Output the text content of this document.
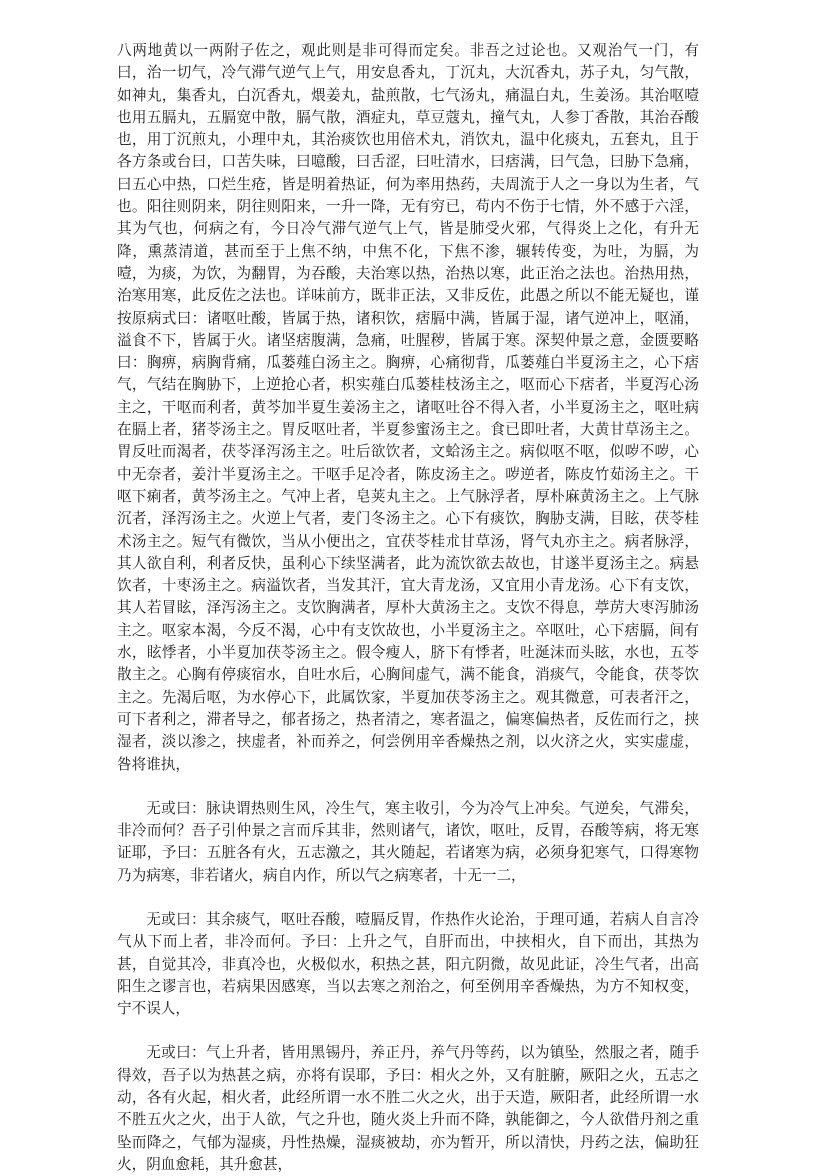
八两地黄以一两附子佐之，观此则是非可得而定矣。非吾之过论也。又观治气一门，有曰，治一切气，冷气滞气逆气上气，用安息香丸，丁沉丸，大沉香丸，苏子丸，匀气散，如神丸，集香丸，白沉香丸，煨姜丸，盐煎散，七气汤丸，痛温白丸，生姜汤。其治呕噎也用五膈丸，五膈宽中散，膈气散，酒症丸，草豆蔻丸，撞气丸，人参丁香散，其治吞酸也，用丁沉煎丸，小理中丸，其治痰饮也用倍术丸，消饮丸，温中化痰丸，五套丸，且于各方条或台曰，口苦失味，曰噫酸，曰舌涩，曰吐清水，曰痞满，曰气急，曰胁下急痛，曰五心中热，口烂生疮，皆是明着热证，何为率用热药，夫周流于人之一身以为生者，气也。阳往则阴来，阴往则阳来，一升一降，无有穷已，苟内不伤于七情，外不感于六淫，其为气也，何病之有，今日冷气滞气逆气上气，皆是肺受火邪，气得炎上之化，有升无降，熏蒸清道，甚而至于上焦不纳，中焦不化，下焦不渗，辗转传变，为吐，为膈，为噎，为痰，为饮，为翻胃，为吞酸，夫治寒以热，治热以寒，此正治之法也。治热用热，治寒用寒，此反佐之法也。详味前方，既非正法，又非反佐，此愚之所以不能无疑也，谨按原病式曰：诸呕吐酸，皆属于热，诸积饮，痞膈中满，皆属于湿，诸气逆冲上，呕涌，溢食不下，皆属于火。诸坚痞腹满，急痛，吐腥秽，皆属于寒。深契仲景之意，金匮要略曰：胸痹，病胸背痛，瓜蒌薤白汤主之。胸痹，心痛彻背，瓜蒌薤白半夏汤主之，心下痞气，气结在胸胁下，上逆抢心者，枳实薤白瓜蒌桂枝汤主之，呕而心下痞者，半夏泻心汤主之，干呕而利者，黄芩加半夏生姜汤主之，诸呕吐谷不得入者，小半夏汤主之，呕吐病在膈上者，猪苓汤主之。胃反呕吐者，半夏参蜜汤主之。食已即吐者，大黄甘草汤主之。胃反吐而渴者，茯苓泽泻汤主之。吐后欲饮者，文蛤汤主之。病似呕不呕，似哕不哕，心中无奈者，姜汁半夏汤主之。干呕手足冷者，陈皮汤主之。哕逆者，陈皮竹茹汤主之。干呕下痢者，黄芩汤主之。气冲上者，皂荚丸主之。上气脉浮者，厚朴麻黄汤主之。上气脉沉者，泽泻汤主之。火逆上气者，麦门冬汤主之。心下有痰饮，胸胁支满，目眩，茯苓桂术汤主之。短气有微饮，当从小便出之，宜茯苓桂朮甘草汤，肾气丸亦主之。病者脉浮，其人欲自利，利者反快，虽利心下续坚满者，此为流饮欲去故也，甘遂半夏汤主之。病悬饮者，十枣汤主之。病溢饮者，当发其汗，宜大青龙汤，又宜用小青龙汤。心下有支饮，其人若冒眩，泽泻汤主之。支饮胸满者，厚朴大黄汤主之。支饮不得息，葶苈大枣泻肺汤主之。呕家本渴，今反不渴，心中有支饮故也，小半夏汤主之。卒呕吐，心下痞膈，间有水，眩悸者，小半夏加茯苓汤主之。假令瘦人，脐下有悸者，吐涎沫而头眩，水也，五苓散主之。心胸有停痰宿水，自吐水后，心胸间虚气，满不能食，消痰气，令能食，茯苓饮主之。先渴后呕，为水停心下，此属饮家，半夏加茯苓汤主之。观其微意，可表者汗之，可下者利之，滞者导之，郁者扬之，热者清之，寒者温之，偏寒偏热者，反佐而行之，挟湿者，淡以渗之，挟虚者，补而养之，何尝例用辛香燥热之剂，以火济之火，实实虚虚，咎将谁执，

无或曰：脉诀谓热则生风，冷生气，寒主收引，今为冷气上冲矣。气逆矣，气滞矣，非冷而何？吾子引仲景之言而斥其非，然则诸气，诸饮，呕吐，反胃，吞酸等病，将无寒证耶，予曰：五脏各有火，五志激之，其火随起，若诸寒为病，必须身犯寒气，口得寒物乃为病寒，非若诸火，病自内作，所以气之病寒者，十无一二，

无或曰：其余痰气，呕吐吞酸，噎膈反胃，作热作火论治，于理可通，若病人自言冷气从下而上者，非冷而何。予曰：上升之气，自肝而出，中挟相火，自下而出，其热为甚，自觉其冷，非真冷也，火极似水，积热之甚，阳亢阴微，故见此证，冷生气者，出高阳生之谬言也，若病果因感寒，当以去寒之剂治之，何至例用辛香燥热，为方不知权变，宁不误人，

无或曰：气上升者，皆用黑锡丹，养正丹，养气丹等药，以为镇坠，然服之者，随手得效，吾子以为热甚之病，亦将有误耶，予曰：相火之外，又有脏腑，厥阳之火，五志之动，各有火起，相火者，此经所谓一水不胜二火之火，出于天造，厥阳者，此经所谓一水不胜五火之火，出于人欲，气之升也，随火炎上升而不降，孰能御之，今人欲借丹剂之重坠而降之，气郁为湿痰，丹性热燥，湿痰被劫，亦为暂开，所以清快，丹药之法，偏助狂火，阴血愈耗，其升愈甚，
